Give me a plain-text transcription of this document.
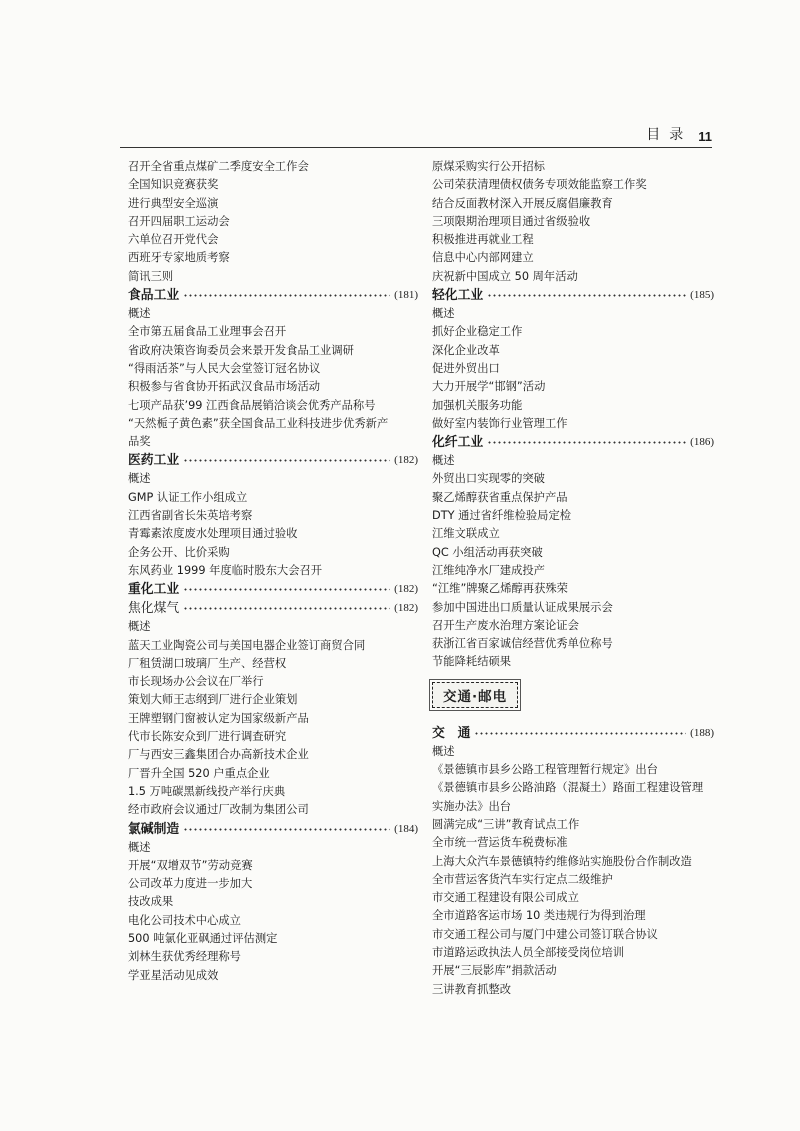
目录 11
召开全省重点煤矿二季度安全工作会
全国知识竞赛获奖
进行典型安全巡演
召开四届职工运动会
六单位召开党代会
西班牙专家地质考察
简讯三则
食品工业	(181)
概述
全市第五届食品工业理事会召开
省政府决策咨询委员会来景开发食品工业调研
“得雨活茶”与人民大会堂签订冠名协议
积极参与省食协开拓武汉食品市场活动
七项产品获’99 江西食品展销洽谈会优秀产品称号
“天然栀子黄色素”获全国食品工业科技进步优秀新产
品奖
医药工业	(182)
概述
GMP 认证工作小组成立
江西省副省长朱英培考察
青霉素浓度废水处理项目通过验收
企务公开、比价采购
东风药业 1999 年度临时股东大会召开
重化工业	(182)
焦化煤气	(182)
概述
蓝天工业陶瓷公司与美国电器企业签订商贸合同
厂租赁湖口玻璃厂生产、经营权
市长现场办公会议在厂举行
策划大师王志纲到厂进行企业策划
王牌塑钢门窗被认定为国家级新产品
代市长陈安众到厂进行调查研究
厂与西安三鑫集团合办高新技术企业
厂晋升全国 520 户重点企业
1.5 万吨碳黑新线投产举行庆典
经市政府会议通过厂改制为集团公司
氯碱制造	(184)
概述
开展“双增双节”劳动竞赛
公司改革力度进一步加大
技改成果
电化公司技术中心成立
500 吨氯化亚砜通过评估测定
刘林生获优秀经理称号
学亚星活动见成效
原煤采购实行公开招标
公司荣获清理债权债务专项效能监察工作奖
结合反面教材深入开展反腐倡廉教育
三项限期治理项目通过省级验收
积极推进再就业工程
信息中心内部网建立
庆祝新中国成立 50 周年活动
轻化工业	(185)
概述
抓好企业稳定工作
深化企业改革
促进外贸出口
大力开展学“邯钢”活动
加强机关服务功能
做好室内装饰行业管理工作
化纤工业	(186)
概述
外贸出口实现零的突破
聚乙烯醇获省重点保护产品
DTY 通过省纤维检验局定检
江维文联成立
QC 小组活动再获突破
江维纯净水厂建成投产
“江维”牌聚乙烯醇再获殊荣
参加中国进出口质量认证成果展示会
召开生产废水治理方案论证会
获浙江省百家诚信经营优秀单位称号
节能降耗结硕果
交通·邮电
交　通	(188)
概述
《景德镇市县乡公路工程管理暂行规定》出台
《景德镇市县乡公路油路（混凝土）路面工程建设管理
实施办法》出台
圆满完成“三讲”教育试点工作
全市统一营运货车税费标准
上海大众汽车景德镇特约维修站实施股份合作制改造
全市营运客货汽车实行定点二级维护
市交通工程建设有限公司成立
全市道路客运市场 10 类违规行为得到治理
市交通工程公司与厦门中建公司签订联合协议
市道路运政执法人员全部接受岗位培训
开展“三辰影库”捐款活动
三讲教育抓整改
